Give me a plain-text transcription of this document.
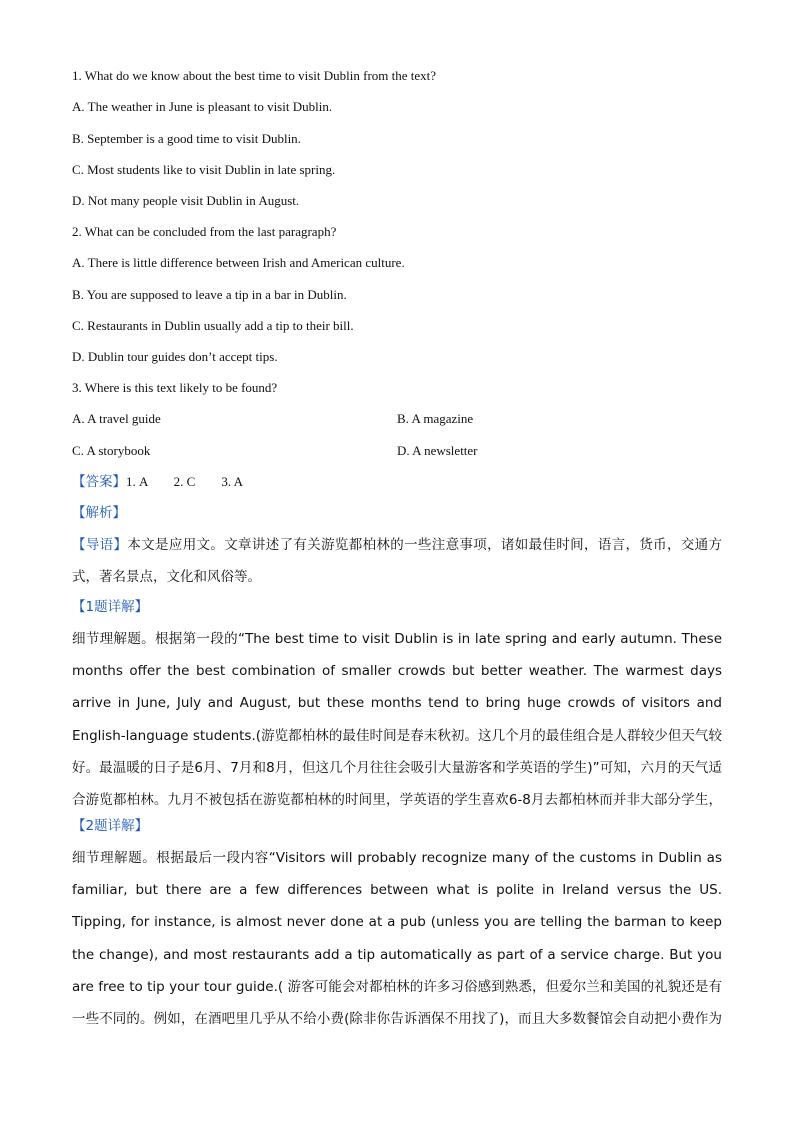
1. What do we know about the best time to visit Dublin from the text?
A. The weather in June is pleasant to visit Dublin.
B. September is a good time to visit Dublin.
C. Most students like to visit Dublin in late spring.
D. Not many people visit Dublin in August.
2. What can be concluded from the last paragraph?
A. There is little difference between Irish and American culture.
B. You are supposed to leave a tip in a bar in Dublin.
C. Restaurants in Dublin usually add a tip to their bill.
D. Dublin tour guides don’t accept tips.
3. Where is this text likely to be found?
A. A travel guide	B. A magazine
C. A storybook	D. A newsletter
【答案】1. A        2. C        3. A
【解析】
【导语】本文是应用文。文章讲述了有关游览都柏林的一些注意事项，诸如最佳时间，语言，货币，交通方式，著名景点，文化和风俗等。
【1题详解】
细节理解题。根据第一段的“The best time to visit Dublin is in late spring and early autumn. These months offer the best combination of smaller crowds but better weather. The warmest days arrive in June, July and August, but these months tend to bring huge crowds of visitors and English-language students.(游览都柏林的最佳时间是春末秋初。这几个月的最佳组合是人群较少但天气较好。最温暖的日子是6月、7月和8月，但这几个月往往会吸引大量游客和学英语的学生)”可知，六月的天气适合游览都柏林。九月不被包括在游览都柏林的时间里，学英语的学生喜欢6-8月去都柏林而并非大部分学生，
【2题详解】
细节理解题。根据最后一段内容“Visitors will probably recognize many of the customs in Dublin as familiar, but there are a few differences between what is polite in Ireland versus the US. Tipping, for instance, is almost never done at a pub (unless you are telling the barman to keep the change), and most restaurants add a tip automatically as part of a service charge. But you are free to tip your tour guide.( 游客可能会对都柏林的许多习俗感到熟悉，但爱尔兰和美国的礼貌还是有一些不同的。例如，在酒吧里几乎从不给小费(除非你告诉酒保不用找了)，而且大多数餐馆会自动把小费作为
